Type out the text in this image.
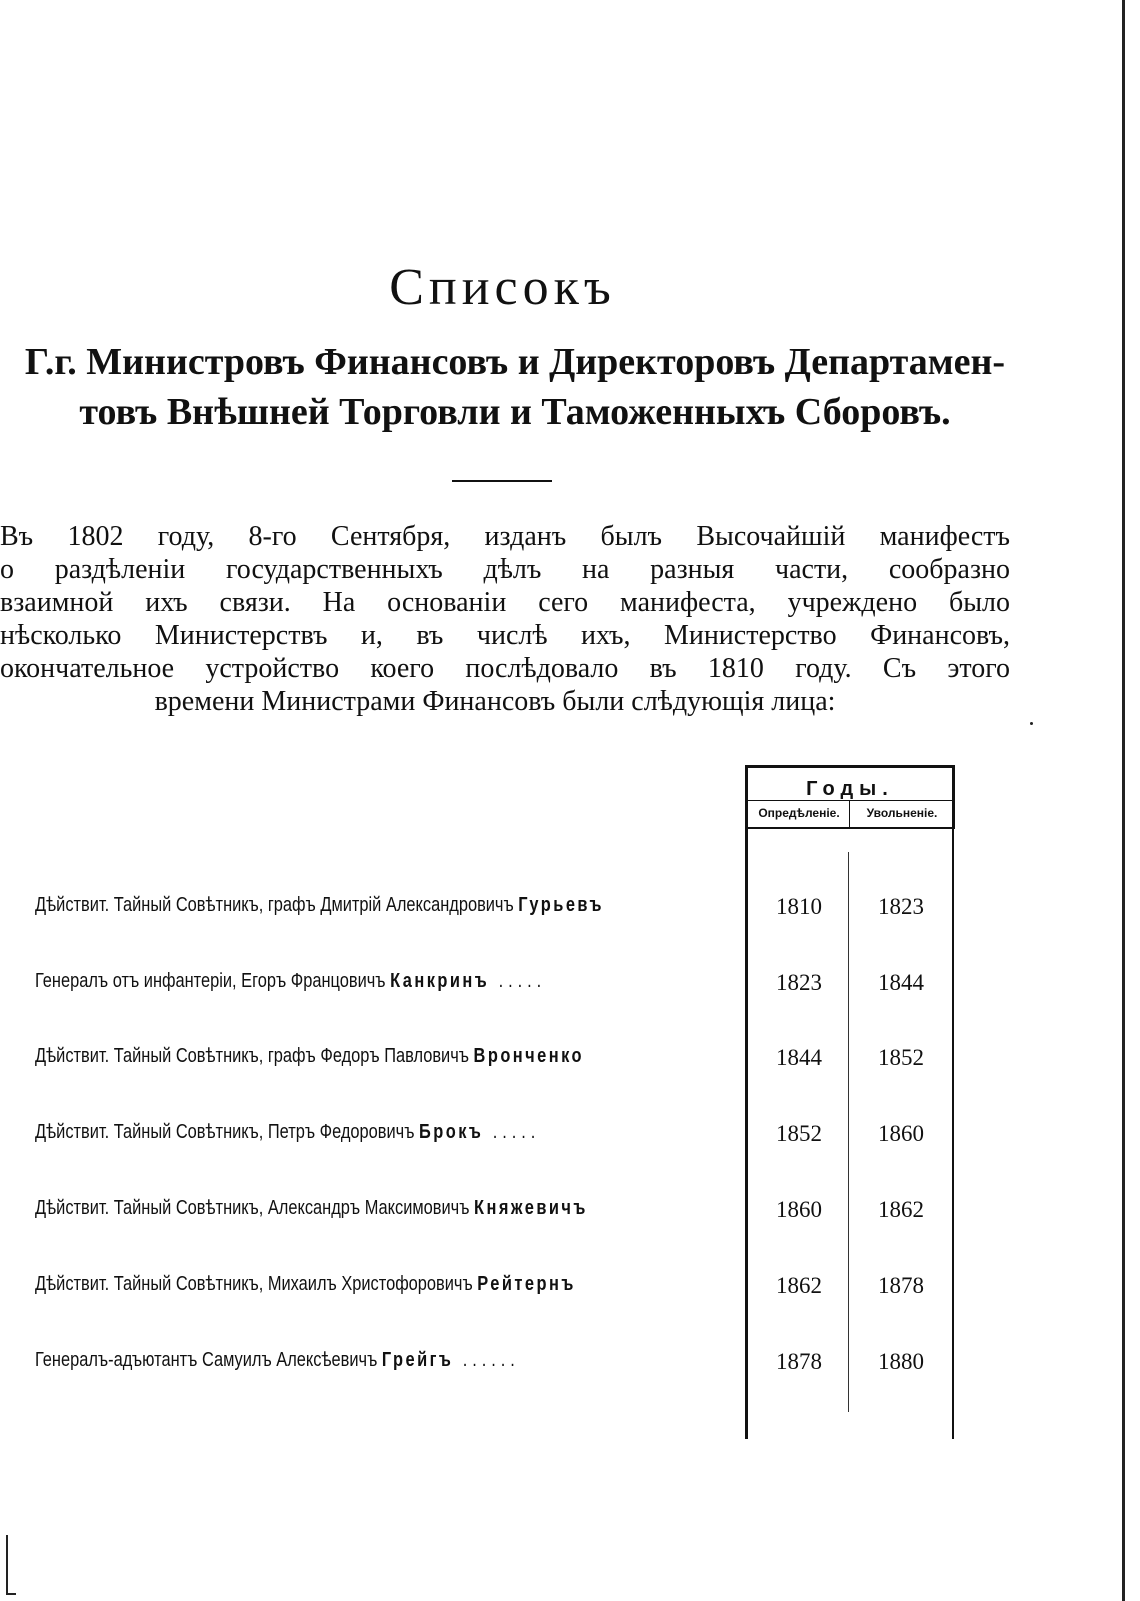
Списокъ
Г.г. Министровъ Финансовъ и Директоровъ Департамен-
товъ Внѣшней Торговли и Таможенныхъ Сборовъ.
Въ 1802 году, 8-го Сентября, изданъ былъ Высочайшій манифестъ
о раздѣленіи государственныхъ дѣлъ на разныя части, сообразно
взаимной ихъ связи. На основаніи сего манифеста, учреждено было
нѣсколько Министерствъ и, въ числѣ ихъ, Министерство Финансовъ,
окончательное устройство коего послѣдовало въ 1810 году. Съ этого
времени Министрами Финансовъ были слѣдующія лица:
Годы.
Опредѣленіе.	Увольненіе.
Дѣйствит. Тайный Совѣтникъ, графъ Дмитрій Александровичъ Гурьевъ	1810	1823
Генералъ отъ инфантеріи, Егоръ Францовичъ Канкринъ .....	1823	1844
Дѣйствит. Тайный Совѣтникъ, графъ Федоръ Павловичъ Вронченко	1844	1852
Дѣйствит. Тайный Совѣтникъ, Петръ Федоровичъ Брокъ .....	1852	1860
Дѣйствит. Тайный Совѣтникъ, Александръ Максимовичъ Княжевичъ	1860	1862
Дѣйствит. Тайный Совѣтникъ, Михаилъ Христофоровичъ Рейтернъ	1862	1878
Генералъ-адъютантъ Самуилъ Алексѣевичъ Грейгъ ......	1878	1880
